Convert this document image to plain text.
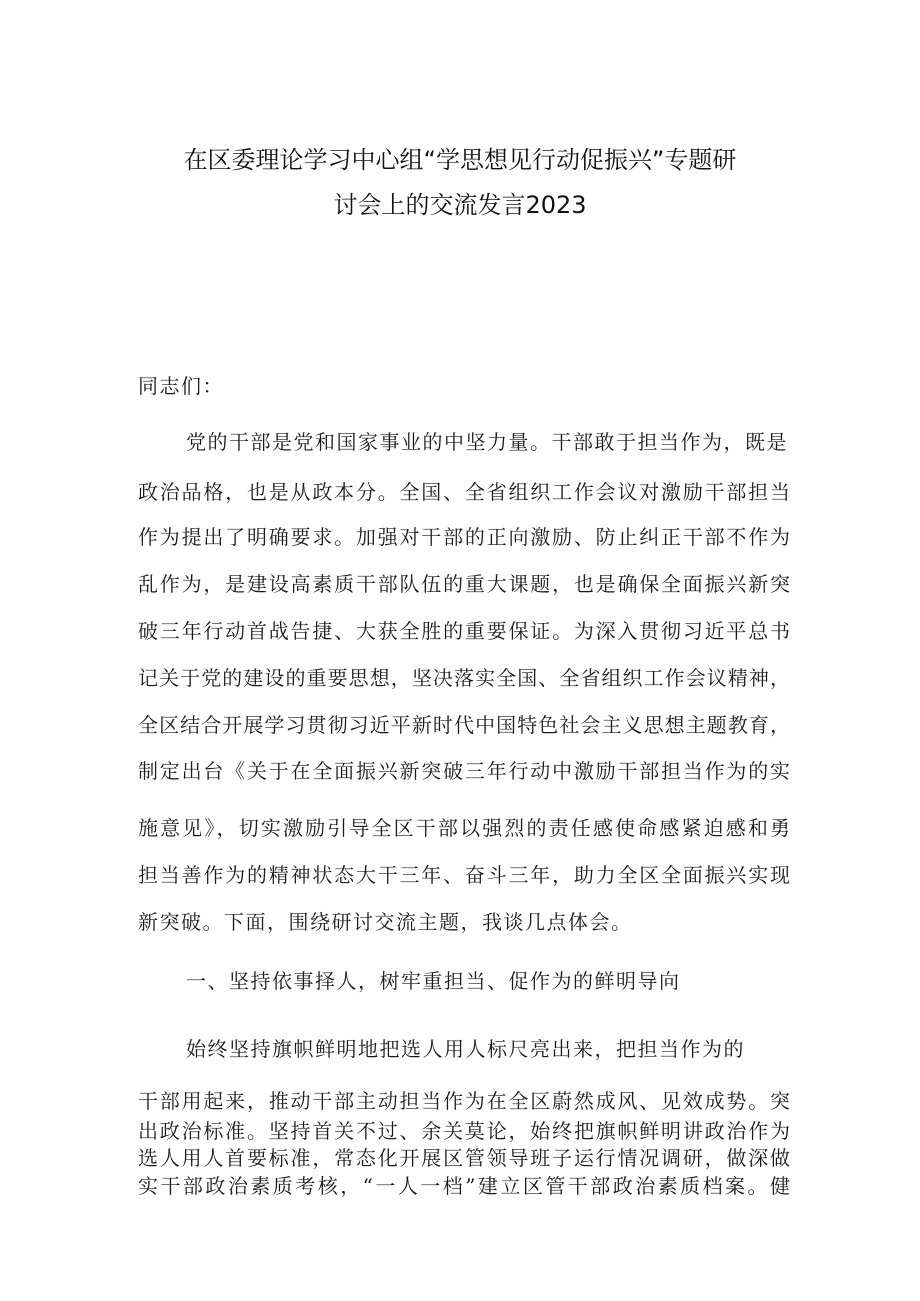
在区委理论学习中心组“学思想见行动促振兴”专题研
讨会上的交流发言2023
同志们：
党的干部是党和国家事业的中坚力量。干部敢于担当作为，既是
政治品格，也是从政本分。全国、全省组织工作会议对激励干部担当
作为提出了明确要求。加强对干部的正向激励、防止纠正干部不作为
乱作为，是建设高素质干部队伍的重大课题，也是确保全面振兴新突
破三年行动首战告捷、大获全胜的重要保证。为深入贯彻习近平总书
记关于党的建设的重要思想，坚决落实全国、全省组织工作会议精神，
全区结合开展学习贯彻习近平新时代中国特色社会主义思想主题教育，
制定出台《关于在全面振兴新突破三年行动中激励干部担当作为的实
施意见》，切实激励引导全区干部以强烈的责任感使命感紧迫感和勇
担当善作为的精神状态大干三年、奋斗三年，助力全区全面振兴实现
新突破。下面，围绕研讨交流主题，我谈几点体会。
一、坚持依事择人，树牢重担当、促作为的鲜明导向
始终坚持旗帜鲜明地把选人用人标尺亮出来，把担当作为的
干部用起来，推动干部主动担当作为在全区蔚然成风、见效成势。突
出政治标准。坚持首关不过、余关莫论，始终把旗帜鲜明讲政治作为
选人用人首要标准，常态化开展区管领导班子运行情况调研，做深做
实干部政治素质考核，“一人一档”建立区管干部政治素质档案。健
